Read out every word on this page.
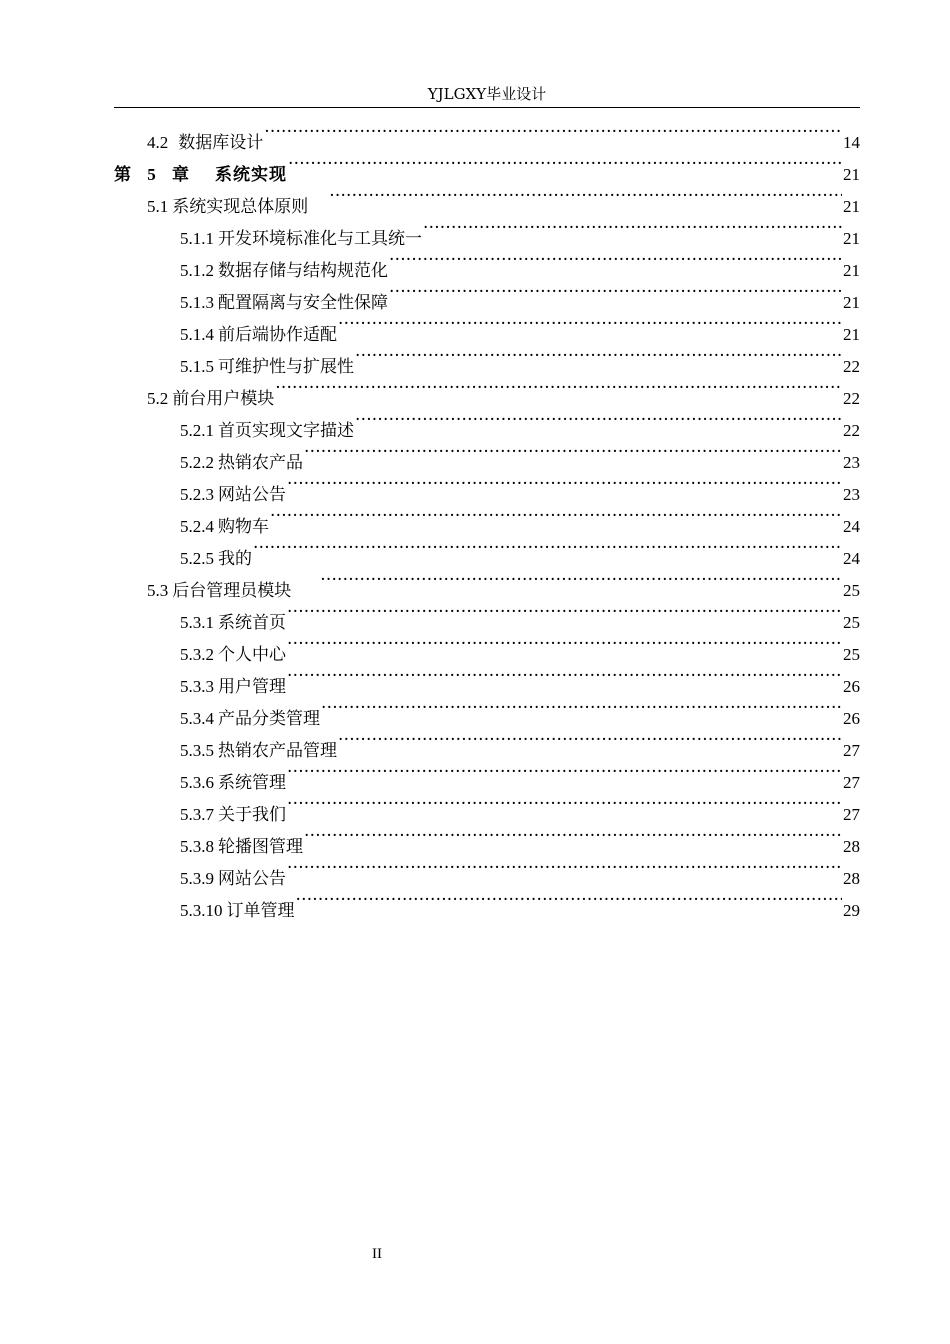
YJLGXY毕业设计
4.2 数据库设计 ·····	14
第 5 章 系统实现 ·····	21
5.1 系统实现总体原则 ·····	21
5.1.1 开发环境标准化与工具统一 ·····	21
5.1.2 数据存储与结构规范化 ·····	21
5.1.3 配置隔离与安全性保障 ·····	21
5.1.4 前后端协作适配 ·····	21
5.1.5 可维护性与扩展性 ·····	22
5.2 前台用户模块 ·····	22
5.2.1 首页实现文字描述 ·····	22
5.2.2 热销农产品 ·····	23
5.2.3 网站公告 ·····	23
5.2.4 购物车 ·····	24
5.2.5 我的 ·····	24
5.3 后台管理员模块 ·····	25
5.3.1 系统首页 ·····	25
5.3.2 个人中心 ·····	25
5.3.3 用户管理 ·····	26
5.3.4 产品分类管理 ·····	26
5.3.5 热销农产品管理 ·····	27
5.3.6 系统管理 ·····	27
5.3.7 关于我们 ·····	27
5.3.8 轮播图管理 ·····	28
5.3.9 网站公告 ·····	28
5.3.10 订单管理 ·····	29
II
